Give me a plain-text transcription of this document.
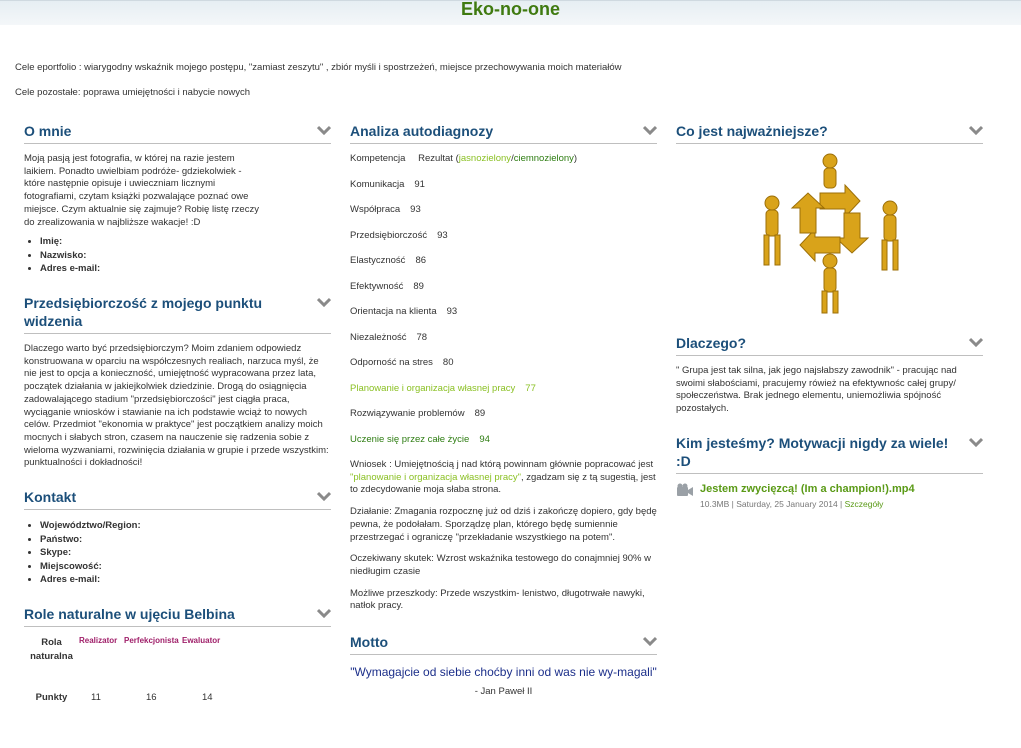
Eko-no-one
Cele eportfolio : wiarygodny wskaźnik mojego postępu, "zamiast zeszytu" , zbiór myśli i spostrzeżeń, miejsce przechowywania moich materiałów
Cele pozostałe: poprawa umiejętności i nabycie nowych
O mnie
Moją pasją jest fotografia, w której na razie jestem laikiem. Ponadto uwielbiam podróże- gdziekolwiek - które następnie opisuje i uwieczniam licznymi fotografiami, czytam książki pozwalające poznać owe miejsce. Czym aktualnie się zajmuje? Robię listę rzeczy do zrealizowania w najbliższe wakacje! :D
• Imię:
• Nazwisko:
• Adres e-mail:
Przedsiębiorczość z mojego punktu widzenia
Dlaczego warto być przedsiębiorczym? Moim zdaniem odpowiedz konstruowana w oparciu na współczesnych realiach, narzuca myśl, że nie jest to opcja a konieczność, umiejętność wypracowana przez lata, początek działania w jakiejkolwiek dziedzinie. Drogą do osiągnięcia zadowalającego stadium "przedsiębiorczości" jest ciągła praca, wyciąganie wniosków i stawianie na ich podstawie wciąż to nowych celów. Przedmiot "ekonomia w praktyce" jest początkiem analizy moich mocnych i słabych stron, czasem na nauczenie się radzenia sobie z wieloma wyzwaniami, rozwinięcia działania w grupie i przede wszystkim: punktualności i dokładności!
Kontakt
• Województwo/Region:
• Państwo:
• Skype:
• Miejscowość:
• Adres e-mail:
Role naturalne w ujęciu Belbina
Rola naturalna	Realizator	Perfekcjonista	Ewaluator
Punkty	11	16	14
Analiza autodiagnozy
Kompetencja Rezultat (jasnozielony/ciemnozielony)
Komunikacja 91
Współpraca 93
Przedsiębiorczość 93
Elastyczność 86
Efektywność 89
Orientacja na klienta 93
Niezależność 78
Odporność na stres 80
Planowanie i organizacja własnej pracy 77
Rozwiązywanie problemów 89
Uczenie się przez całe życie 94
Wniosek : Umiejętnością j nad którą powinnam głównie popracować jest "planowanie i organizacja własnej pracy", zgadzam się z tą sugestią, jest to zdecydowanie moja słaba strona.
Działanie: Zmagania rozpocznę już od dziś i zakończę dopiero, gdy będę pewna, że podołałam. Sporządzę plan, którego będę sumiennie przestrzegać i ograniczę "przekładanie wszystkiego na potem".
Oczekiwany skutek: Wzrost wskaźnika testowego do conajmniej 90% w niedługim czasie
Możliwe przeszkody: Przede wszystkim- lenistwo, długotrwałe nawyki, natłok pracy.
Motto
"Wymagajcie od siebie choćby inni od was nie wy-magali" - Jan Paweł II
Co jest najważniejsze?
Dlaczego?
" Grupa jest tak silna, jak jego najsłabszy zawodnik" - pracując nad swoimi słabościami, pracujemy rówież na efektywnośc całej grupy/ społeczeństwa. Brak jednego elementu, uniemożliwia spójność pozostałych.
Kim jesteśmy? Motywacji nigdy za wiele! :D
Jestem zwycięzcą! (Im a champion!).mp4
10.3MB | Saturday, 25 January 2014 | Szczegóły
